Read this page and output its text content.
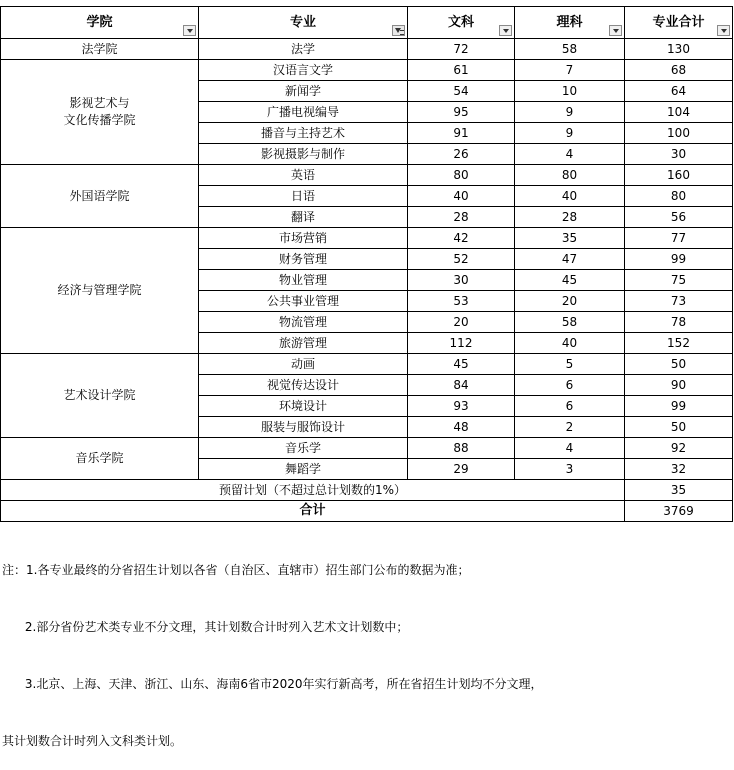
学院	专业	文科	理科	专业合计

法学院	法学	72	58	130

影视艺术与
文化传播学院	汉语言文学	61	7	68
	新闻学	54	10	64
	广播电视编导	95	9	104
	播音与主持艺术	91	9	100
	影视摄影与制作	26	4	30

外国语学院	英语	80	80	160
	日语	40	40	80
	翻译	28	28	56

经济与管理学院	市场营销	42	35	77
	财务管理	52	47	99
	物业管理	30	45	75
	公共事业管理	53	20	73
	物流管理	20	58	78
	旅游管理	112	40	152

艺术设计学院	动画	45	5	50
	视觉传达设计	84	6	90
	环境设计	93	6	99
	服装与服饰设计	48	2	50

音乐学院	音乐学	88	4	92
	舞蹈学	29	3	32
预留计划（不超过总计划数的1%）				35
合计				3769

注：1.各专业最终的分省招生计划以各省（自治区、直辖市）招生部门公布的数据为准；

2.部分省份艺术类专业不分文理，其计划数合计时列入艺术文计划数中；

3.北京、上海、天津、浙江、山东、海南6省市2020年实行新高考，所在省招生计划均不分文理，

其计划数合计时列入文科类计划。
